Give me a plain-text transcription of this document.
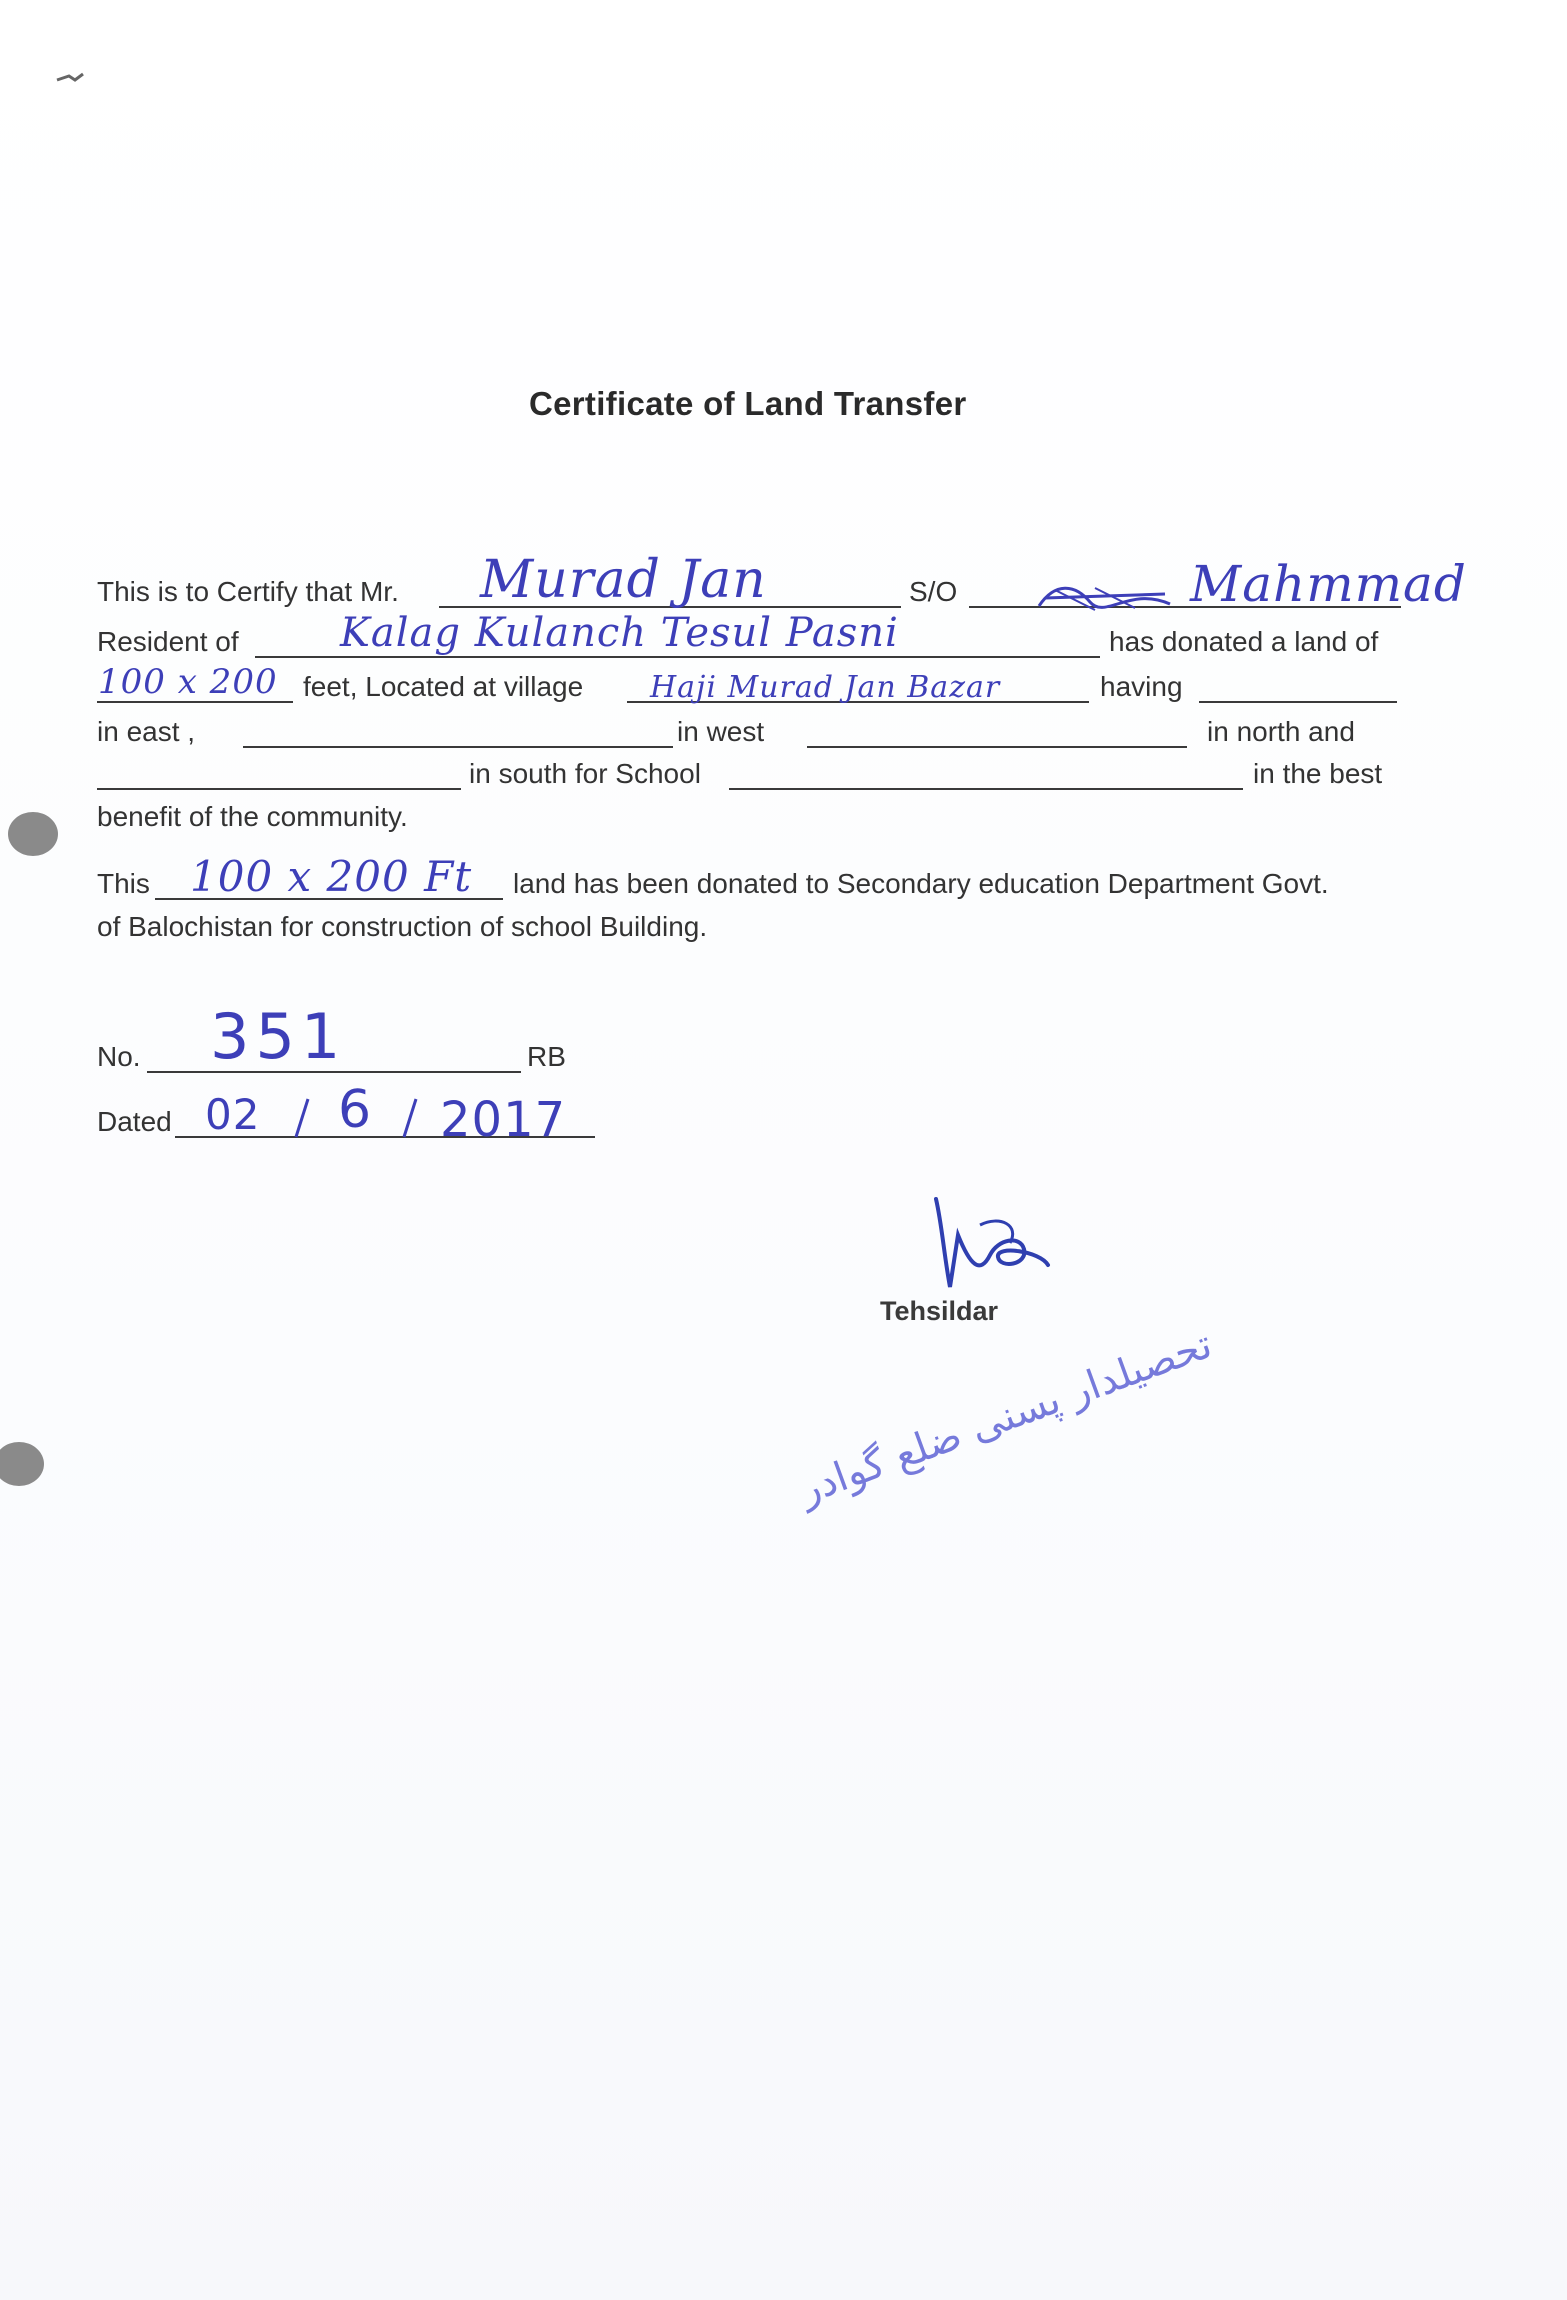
Certificate of Land Transfer
This is to Certify that Mr.	S/O
Murad Jan	Mahmmad
Resident of	has donated a land of
Kalag Kulanch Tesul Pasni
feet, Located at village	having
100 x 200	Haji Murad Jan Bazar
in east ,	in west	in north and
in south for School	in the best
benefit of the community.
This	land has been donated to Secondary education Department Govt.
100 x 200 Ft
of Balochistan for construction of school Building.
No.	RB
351
Dated 02 6 2017
Tehsildar
تحصیلدار پسنی ضلع گوادر
